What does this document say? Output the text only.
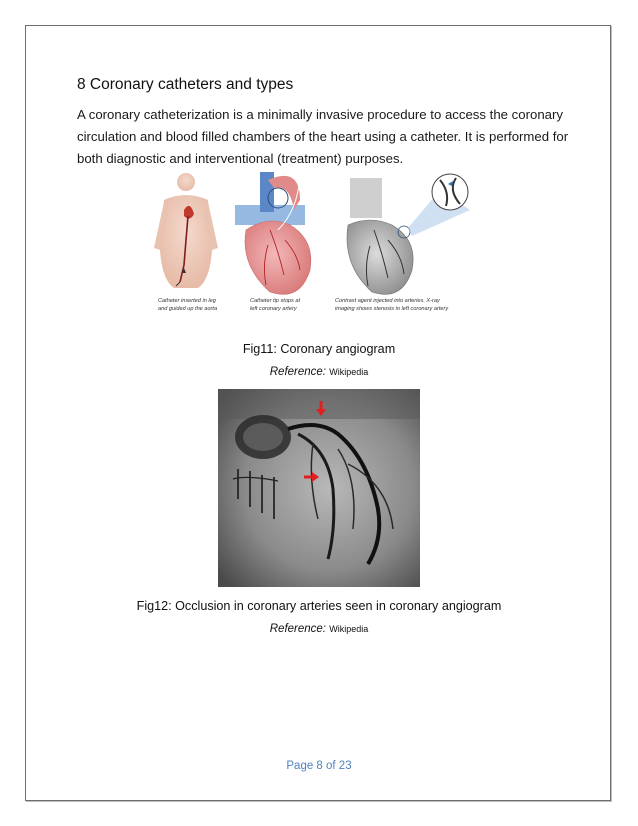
8 Coronary catheters and types
A coronary catheterization is a minimally invasive procedure to access the coronary circulation and blood filled chambers of the heart using a catheter. It is performed for both diagnostic and interventional (treatment) purposes.
Catheter inserted in leg
and guided up the aorta
Catheter tip stops at
left coronary artery
Contrast agent injected into arteries. X-ray
imaging shows stenosis in left coronary artery
Fig11: Coronary angiogram
Reference: Wikipedia
Fig12: Occlusion in coronary arteries seen in coronary angiogram
Reference: Wikipedia
Page 8 of 23
